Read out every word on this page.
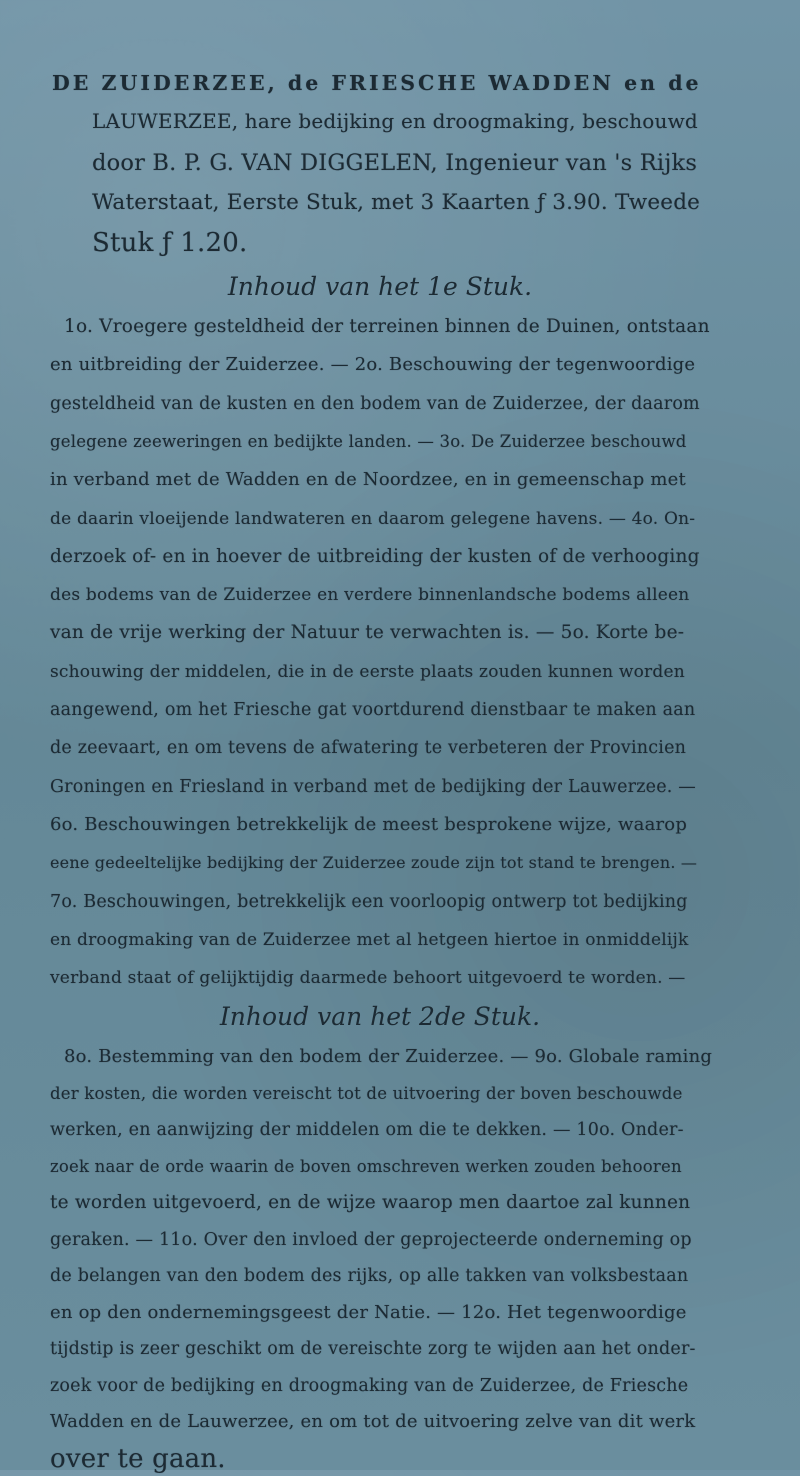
DE ZUIDERZEE, de FRIESCHE WADDEN en de
LAUWERZEE, hare bedijking en droogmaking, beschouwd
door B. P. G. VAN DIGGELEN, Ingenieur van 's Rijks
Waterstaat, Eerste Stuk, met 3 Kaarten ƒ 3.90. Tweede
Stuk ƒ 1.20.
Inhoud van het 1e Stuk.
1o. Vroegere gesteldheid der terreinen binnen de Duinen, ontstaan
en uitbreiding der Zuiderzee. — 2o. Beschouwing der tegenwoordige
gesteldheid van de kusten en den bodem van de Zuiderzee, der daarom
gelegene zeeweringen en bedijkte landen. — 3o. De Zuiderzee beschouwd
in verband met de Wadden en de Noordzee, en in gemeenschap met
de daarin vloeijende landwateren en daarom gelegene havens. — 4o. On-
derzoek of- en in hoever de uitbreiding der kusten of de verhooging
des bodems van de Zuiderzee en verdere binnenlandsche bodems alleen
van de vrije werking der Natuur te verwachten is. — 5o. Korte be-
schouwing der middelen, die in de eerste plaats zouden kunnen worden
aangewend, om het Friesche gat voortdurend dienstbaar te maken aan
de zeevaart, en om tevens de afwatering te verbeteren der Provincien
Groningen en Friesland in verband met de bedijking der Lauwerzee. —
6o. Beschouwingen betrekkelijk de meest besprokene wijze, waarop
eene gedeeltelijke bedijking der Zuiderzee zoude zijn tot stand te brengen. —
7o. Beschouwingen, betrekkelijk een voorloopig ontwerp tot bedijking
en droogmaking van de Zuiderzee met al hetgeen hiertoe in onmiddelijk
verband staat of gelijktijdig daarmede behoort uitgevoerd te worden. —
Inhoud van het 2de Stuk.
8o. Bestemming van den bodem der Zuiderzee. — 9o. Globale raming
der kosten, die worden vereischt tot de uitvoering der boven beschouwde
werken, en aanwijzing der middelen om die te dekken. — 10o. Onder-
zoek naar de orde waarin de boven omschreven werken zouden behooren
te worden uitgevoerd, en de wijze waarop men daartoe zal kunnen
geraken. — 11o. Over den invloed der geprojecteerde onderneming op
de belangen van den bodem des rijks, op alle takken van volksbestaan
en op den ondernemingsgeest der Natie. — 12o. Het tegenwoordige
tijdstip is zeer geschikt om de vereischte zorg te wijden aan het onder-
zoek voor de bedijking en droogmaking van de Zuiderzee, de Friesche
Wadden en de Lauwerzee, en om tot de uitvoering zelve van dit werk
over te gaan.
